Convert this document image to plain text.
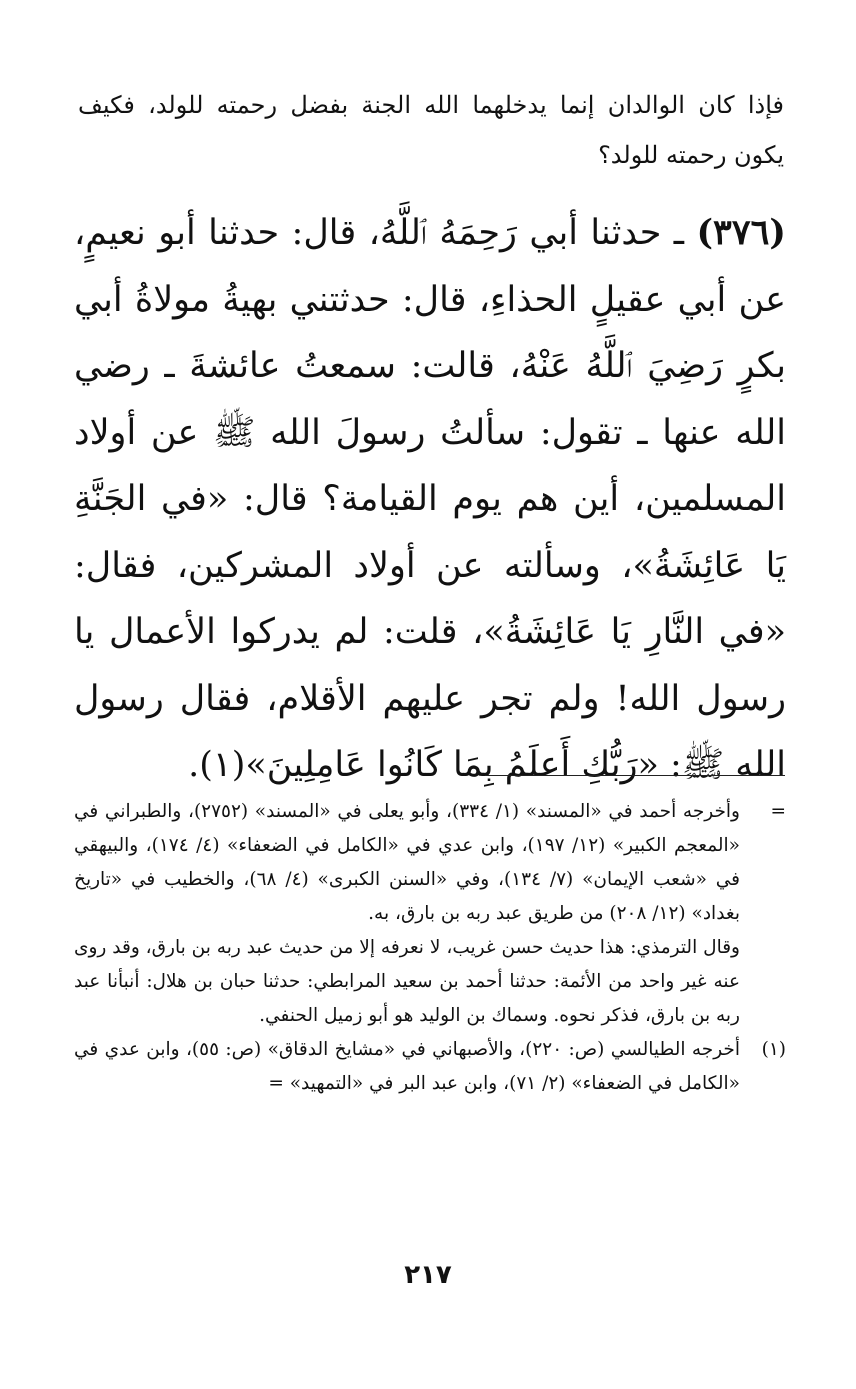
فإذا كان الوالدان إنما يدخلهما الله الجنة بفضل رحمته للولد، فكيف يكون رحمته للولد؟
(٣٧٦) ـ حدثنا أبي رَحِمَهُ ٱللَّهُ، قال: حدثنا أبو نعيمٍ، عن أبي عقيلٍ الحذاءِ، قال: حدثتني بهيةُ مولاةُ أبي بكرٍ رَضِيَ ٱللَّهُ عَنْهُ، قالت: سمعتُ عائشةَ ـ رضي الله عنها ـ تقول: سألتُ رسولَ الله ﷺ عن أولاد المسلمين، أين هم يوم القيامة؟ قال: «في الجَنَّةِ يَا عَائِشَةُ»، وسألته عن أولاد المشركين، فقال: «في النَّارِ يَا عَائِشَةُ»، قلت: لم يدركوا الأعمال يا رسول الله! ولم تجر عليهم الأقلام، فقال رسول الله ﷺ: «رَبُّكِ أَعلَمُ بِمَا كَانُوا عَامِلِينَ»(١).
=

وأخرجه أحمد في «المسند» (١/ ٣٣٤)، وأبو يعلى في «المسند» (٢٧٥٢)، والطبراني في «المعجم الكبير» (١٢/ ١٩٧)، وابن عدي في «الكامل في الضعفاء» (٤/ ١٧٤)، والبيهقي في «شعب الإيمان» (٧/ ١٣٤)، وفي «السنن الكبرى» (٤/ ٦٨)، والخطيب في «تاريخ بغداد» (١٢/ ٢٠٨) من طريق عبد ربه بن بارق، به.

وقال الترمذي: هذا حديث حسن غريب، لا نعرفه إلا من حديث عبد ربه بن بارق، وقد روى عنه غير واحد من الأئمة: حدثنا أحمد بن سعيد المرابطي: حدثنا حبان بن هلال: أنبأنا عبد ربه بن بارق، فذكر نحوه. وسماك بن الوليد هو أبو زميل الحنفي.

(١)

أخرجه الطيالسي (ص: ٢٢٠)، والأصبهاني في «مشايخ الدقاق» (ص: ٥٥)، وابن عدي في «الكامل في الضعفاء» (٢/ ٧١)، وابن عبد البر في «التمهيد» =

٢١٧
